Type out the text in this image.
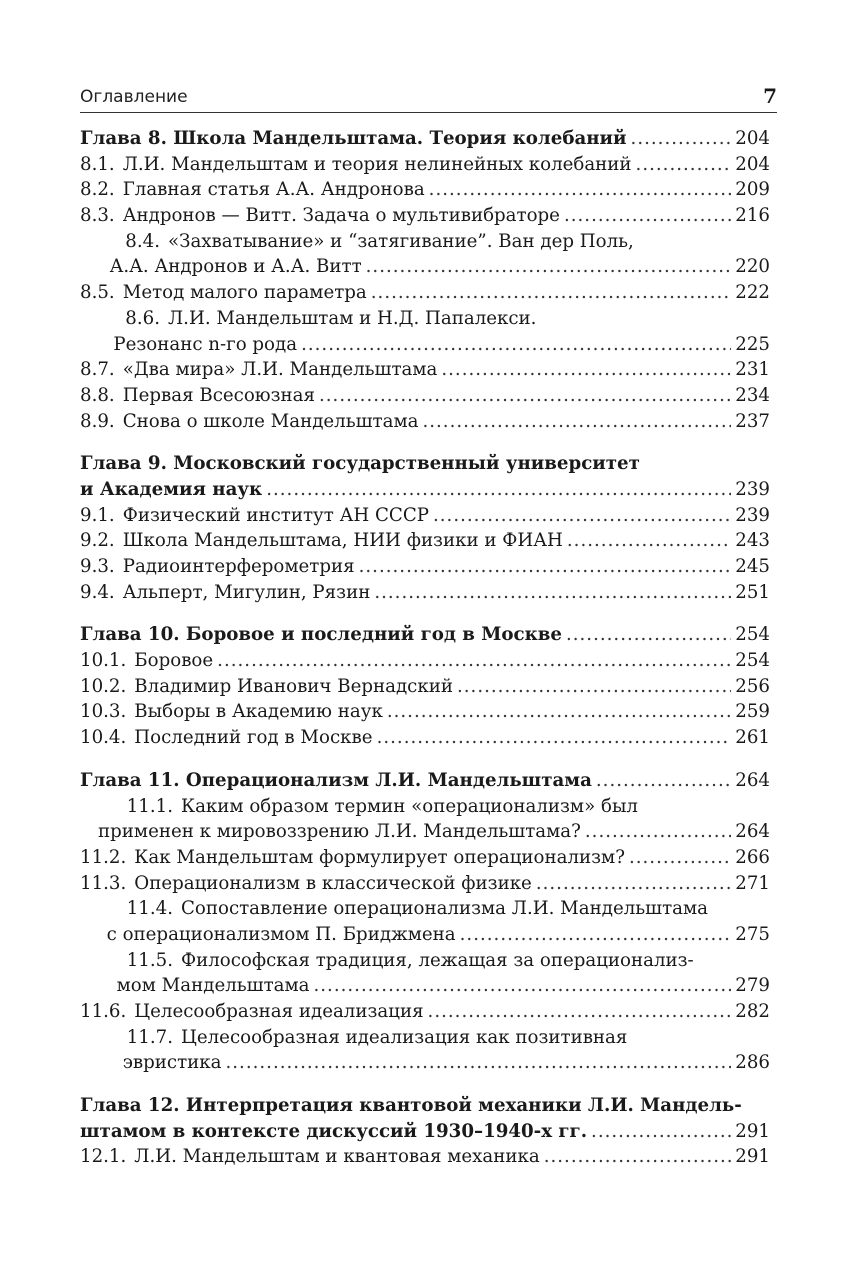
Оглавление	7
Глава 8. Школа Мандельштама. Теория колебаний .....	204
8.1. Л.И. Мандельштам и теория нелинейных колебаний .....	204
8.2. Главная статья А.А. Андронова .....	209
8.3. Андронов — Витт. Задача о мультивибраторе .....	216
8.4. «Захватывание» и “затягивание”. Ван дер Поль,
А.А. Андронов и А.А. Витт .....	220
8.5. Метод малого параметра .....	222
8.6. Л.И. Мандельштам и Н.Д. Папалекси.
Резонанс n-го рода .....	225
8.7. «Два мира» Л.И. Мандельштама .....	231
8.8. Первая Всесоюзная .....	234
8.9. Снова о школе Мандельштама .....	237
Глава 9. Московский государственный университет
и Академия наук .....	239
9.1. Физический институт АН СССР .....	239
9.2. Школа Мандельштама, НИИ физики и ФИАН .....	243
9.3. Радиоинтерферометрия .....	245
9.4. Альперт, Мигулин, Рязин .....	251
Глава 10. Боровое и последний год в Москве .....	254
10.1. Боровое .....	254
10.2. Владимир Иванович Вернадский .....	256
10.3. Выборы в Академию наук .....	259
10.4. Последний год в Москве .....	261
Глава 11. Операционализм Л.И. Мандельштама .....	264
11.1. Каким образом термин «операционализм» был
применен к мировоззрению Л.И. Мандельштама? .....	264
11.2. Как Мандельштам формулирует операционализм? .....	266
11.3. Операционализм в классической физике .....	271
11.4. Сопоставление операционализма Л.И. Мандельштама
с операционализмом П. Бриджмена .....	275
11.5. Философская традиция, лежащая за операционализ-
мом Мандельштама .....	279
11.6. Целесообразная идеализация .....	282
11.7. Целесообразная идеализация как позитивная
эвристика .....	286
Глава 12. Интерпретация квантовой механики Л.И. Мандель-
штамом в контексте дискуссий 1930–1940-х гг. .....	291
12.1. Л.И. Мандельштам и квантовая механика .....	291
